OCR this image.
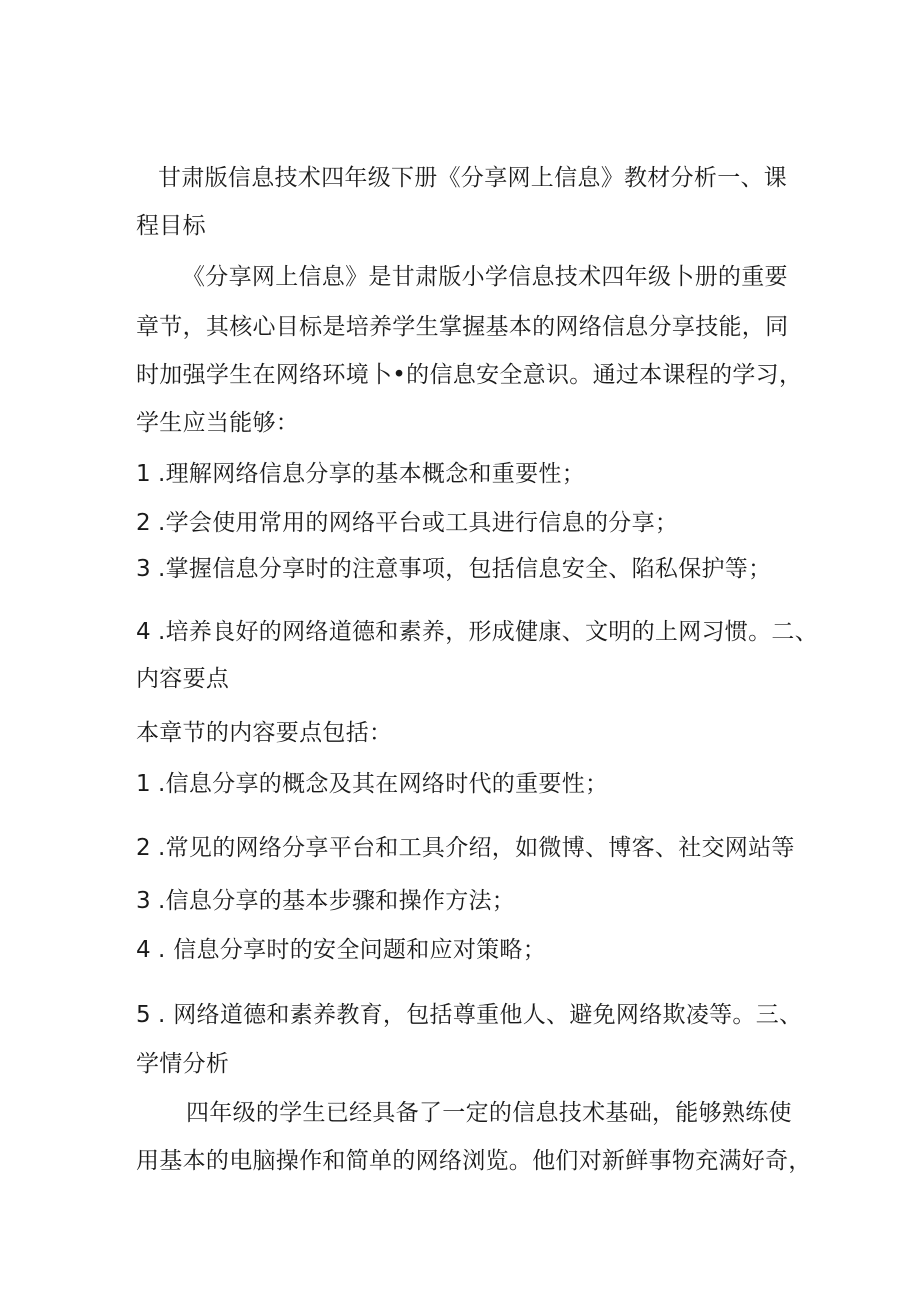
甘肃版信息技术四年级下册《分享网上信息》教材分析一、课
程目标
《分享网上信息》是甘肃版小学信息技术四年级卜册的重要
章节，其核心目标是培养学生掌握基本的网络信息分享技能，同
时加强学生在网络环境卜•的信息安全意识。通过本课程的学习，
学生应当能够：
1 .理解网络信息分享的基本概念和重要性；
2 .学会使用常用的网络平台或工具进行信息的分享；
3 .掌握信息分享时的注意事项，包括信息安全、陷私保护等；
4 .培养良好的网络道德和素养，形成健康、文明的上网习惯。二、
内容要点
本章节的内容要点包括：
1 .信息分享的概念及其在网络时代的重要性；
2 .常见的网络分享平台和工具介绍，如微博、博客、社交网站等
3 .信息分享的基本步骤和操作方法；
4 . 信息分享时的安全问题和应对策略；
5 . 网络道德和素养教育，包括尊重他人、避免网络欺凌等。三、
学情分析
四年级的学生已经具备了一定的信息技术基础，能够熟练使
用基本的电脑操作和简单的网络浏览。他们对新鲜事物充满好奇，
